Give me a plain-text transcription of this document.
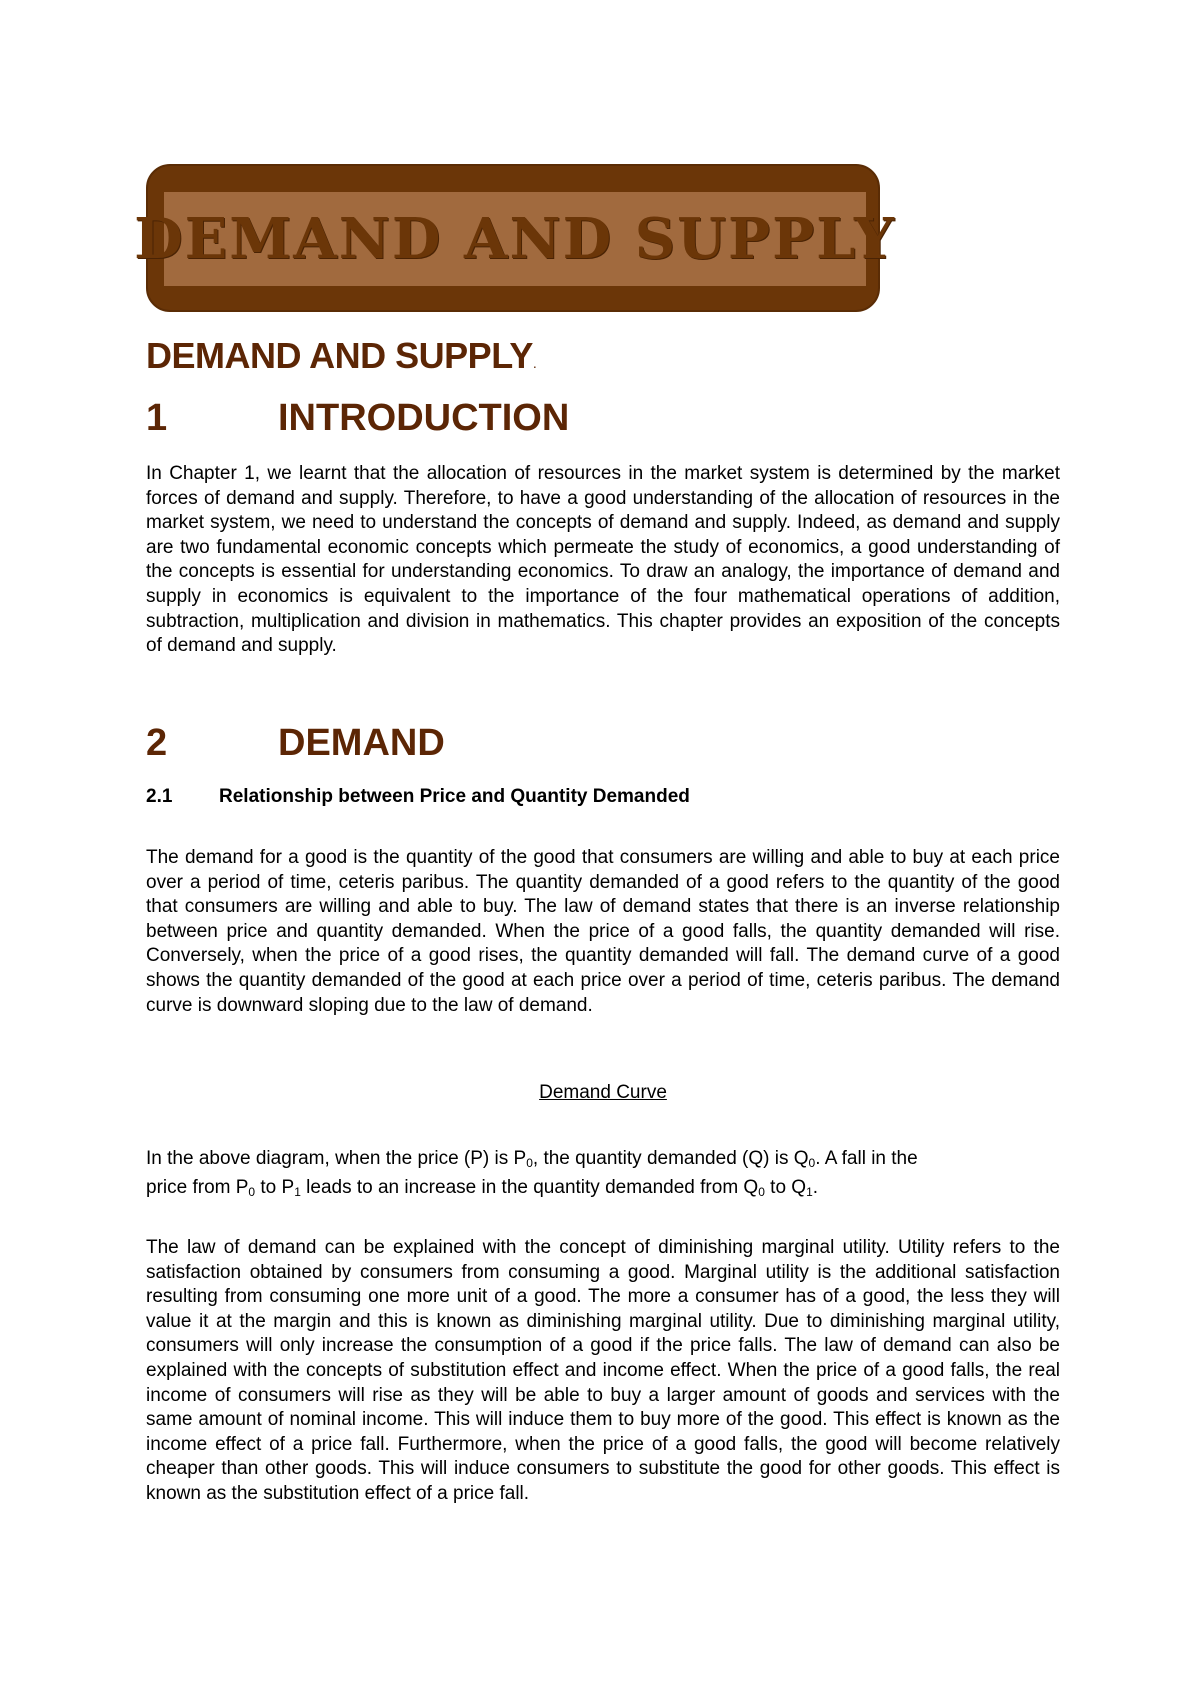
DEMAND AND SUPPLY
DEMAND AND SUPPLY.
1	INTRODUCTION

In Chapter 1, we learnt that the allocation of resources in the market system is determined by the market forces of demand and supply. Therefore, to have a good understanding of the allocation of resources in the market system, we need to understand the concepts of demand and supply. Indeed, as demand and supply are two fundamental economic concepts which permeate the study of economics, a good understanding of the concepts is essential for understanding economics. To draw an analogy, the importance of demand and supply in economics is equivalent to the importance of the four mathematical operations of addition, subtraction, multiplication and division in mathematics. This chapter provides an exposition of the concepts of demand and supply.

2	DEMAND
2.1 Relationship between Price and Quantity Demanded

The demand for a good is the quantity of the good that consumers are willing and able to buy at each price over a period of time, ceteris paribus. The quantity demanded of a good refers to the quantity of the good that consumers are willing and able to buy. The law of demand states that there is an inverse relationship between price and quantity demanded. When the price of a good falls, the quantity demanded will rise. Conversely, when the price of a good rises, the quantity demanded will fall. The demand curve of a good shows the quantity demanded of the good at each price over a period of time, ceteris paribus. The demand curve is downward sloping due to the law of demand.

Demand Curve

In the above diagram, when the price (P) is $P_0$, the quantity demanded (Q) is $Q_0$. A fall in the
price from $P_0$ to $P_1$ leads to an increase in the quantity demanded from $Q_0$ to $Q_1$.

The law of demand can be explained with the concept of diminishing marginal utility. Utility refers to the satisfaction obtained by consumers from consuming a good. Marginal utility is the additional satisfaction resulting from consuming one more unit of a good. The more a consumer has of a good, the less they will value it at the margin and this is known as diminishing marginal utility. Due to diminishing marginal utility, consumers will only increase the consumption of a good if the price falls. The law of demand can also be explained with the concepts of substitution effect and income effect. When the price of a good falls, the real income of consumers will rise as they will be able to buy a larger amount of goods and services with the same amount of nominal income. This will induce them to buy more of the good. This effect is known as the income effect of a price fall. Furthermore, when the price of a good falls, the good will become relatively cheaper than other goods. This will induce consumers to substitute the good for other goods. This effect is known as the substitution effect of a price fall.
